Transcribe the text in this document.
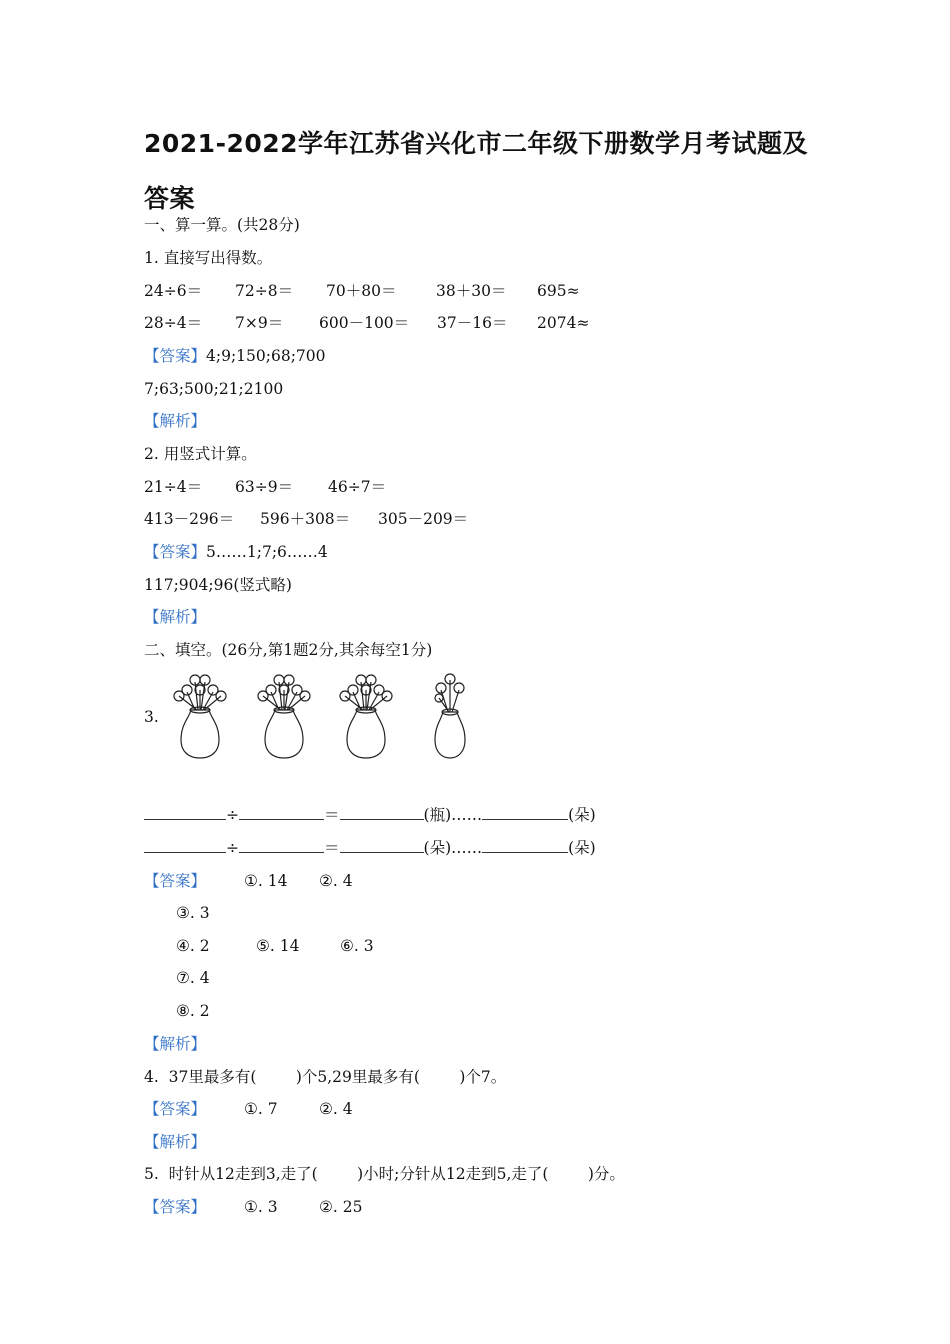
2021-2022学年江苏省兴化市二年级下册数学月考试题及答案
一、算一算。(共28分)
1. 直接写出得数。
24÷6＝ 72÷8＝ 70＋80＝	38＋30＝ 695≈
28÷4＝ 7×9＝ 600－100＝ 37－16＝ 2074≈
【答案】4;9;150;68;700
7;63;500;21;2100
【解析】
2. 用竖式计算。
21÷4＝ 63÷9＝ 46÷7＝
413－296＝ 596＋308＝ 305－209＝
【答案】5……1;7;6……4
117;904;96(竖式略)
【解析】
二、填空。(26分,第1题2分,其余每空1分)
3.
÷	＝	(瓶)……	(朵)
÷	＝	(朵)……	(朵)
【答案】 ①. 14 ②. 4
③. 3
④. 2	⑤. 14	⑥. 3
⑦. 4
⑧. 2
【解析】
4.  37里最多有(        )个5,29里最多有(        )个7。
【答案】 ①. 7	②. 4
【解析】
5.  时针从12走到3,走了(        )小时;分针从12走到5,走了(        )分。
【答案】 ①. 3	②. 25
